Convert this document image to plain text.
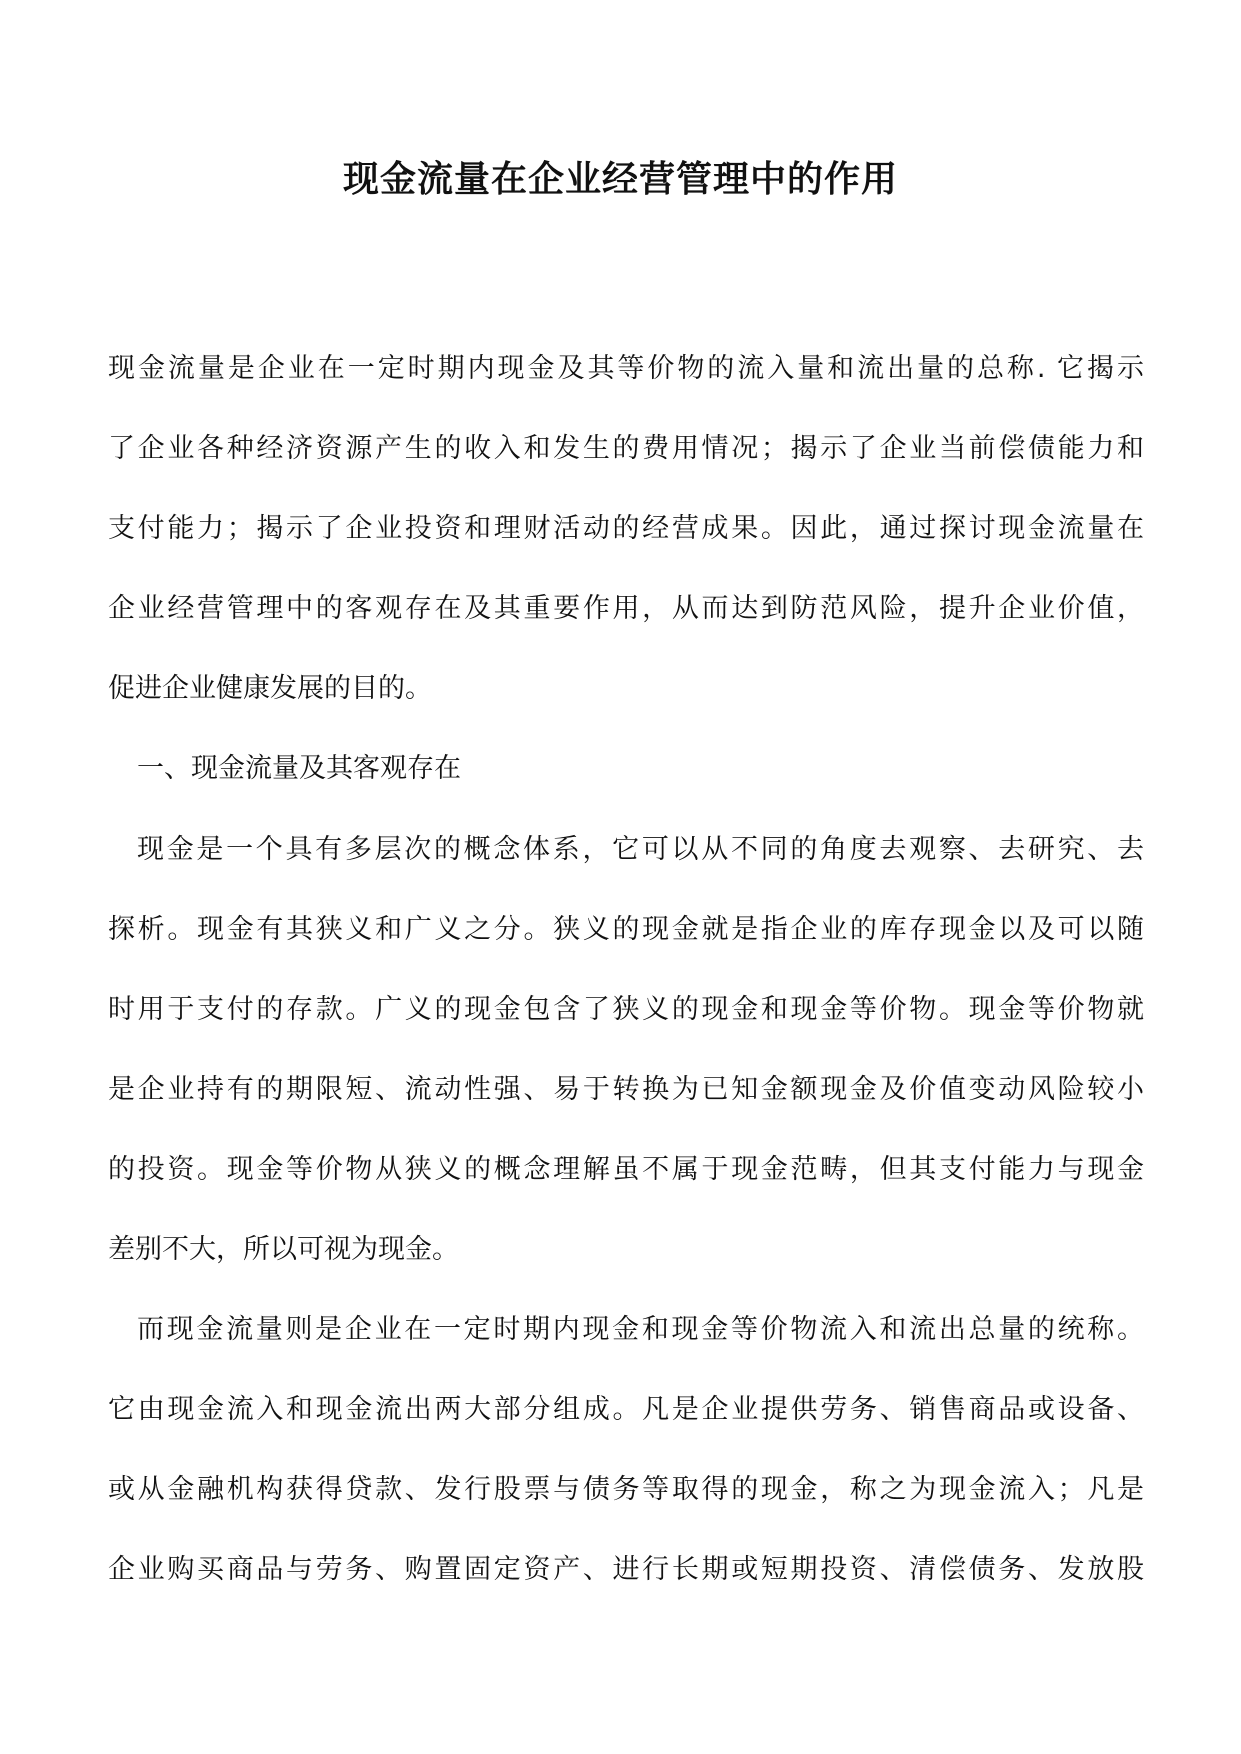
现金流量在企业经营管理中的作用
现金流量是企业在一定时期内现金及其等价物的流入量和流出量的总称. 它揭示
了企业各种经济资源产生的收入和发生的费用情况；揭示了企业当前偿债能力和
支付能力；揭示了企业投资和理财活动的经营成果。因此，通过探讨现金流量在
企业经营管理中的客观存在及其重要作用，从而达到防范风险，提升企业价值，
促进企业健康发展的目的。
一、现金流量及其客观存在
现金是一个具有多层次的概念体系，它可以从不同的角度去观察、去研究、去
探析。现金有其狭义和广义之分。狭义的现金就是指企业的库存现金以及可以随
时用于支付的存款。广义的现金包含了狭义的现金和现金等价物。现金等价物就
是企业持有的期限短、流动性强、易于转换为已知金额现金及价值变动风险较小
的投资。现金等价物从狭义的概念理解虽不属于现金范畴，但其支付能力与现金
差别不大，所以可视为现金。
而现金流量则是企业在一定时期内现金和现金等价物流入和流出总量的统称。
它由现金流入和现金流出两大部分组成。凡是企业提供劳务、销售商品或设备、
或从金融机构获得贷款、发行股票与债务等取得的现金，称之为现金流入；凡是
企业购买商品与劳务、购置固定资产、进行长期或短期投资、清偿债务、发放股
